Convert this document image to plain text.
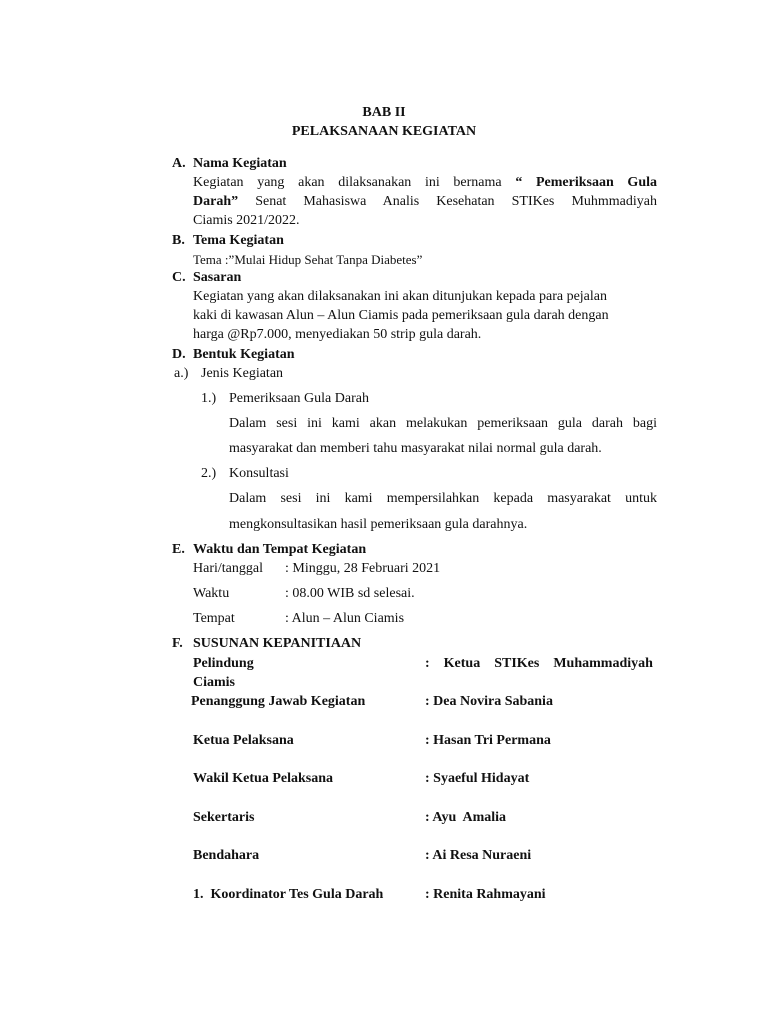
BAB II
PELAKSANAAN KEGIATAN
A. Nama Kegiatan
Kegiatan yang akan dilaksanakan ini bernama “ Pemeriksaan Gula
Darah” Senat Mahasiswa Analis Kesehatan STIKes Muhmmadiyah
Ciamis 2021/2022.
B. Tema Kegiatan
Tema :”Mulai Hidup Sehat Tanpa Diabetes”
C. Sasaran
Kegiatan yang akan dilaksanakan ini akan ditunjukan kepada para pejalan
kaki di kawasan Alun – Alun Ciamis pada pemeriksaan gula darah dengan
harga @Rp7.000, menyediakan 50 strip gula darah.
D. Bentuk Kegiatan
a.) Jenis Kegiatan
1.) Pemeriksaan Gula Darah
Dalam sesi ini kami akan melakukan pemeriksaan gula darah bagi
masyarakat dan memberi tahu masyarakat nilai normal gula darah.
2.) Konsultasi
Dalam sesi ini kami mempersilahkan kepada masyarakat untuk
mengkonsultasikan hasil pemeriksaan gula darahnya.
E. Waktu dan Tempat Kegiatan
Hari/tanggal : Minggu, 28 Februari 2021
Waktu	: 08.00 WIB sd selesai.
Tempat	: Alun – Alun Ciamis
F. SUSUNAN KEPANITIAAN
Pelindung	:    Ketua    STIKes    Muhammadiyah
Ciamis
Penanggung Jawab Kegiatan	: Dea Novira Sabania
Ketua Pelaksana	: Hasan Tri Permana
Wakil Ketua Pelaksana	: Syaeful Hidayat
Sekertaris	: Ayu  Amalia
Bendahara	: Ai Resa Nuraeni
1.  Koordinator Tes Gula Darah	: Renita Rahmayani
